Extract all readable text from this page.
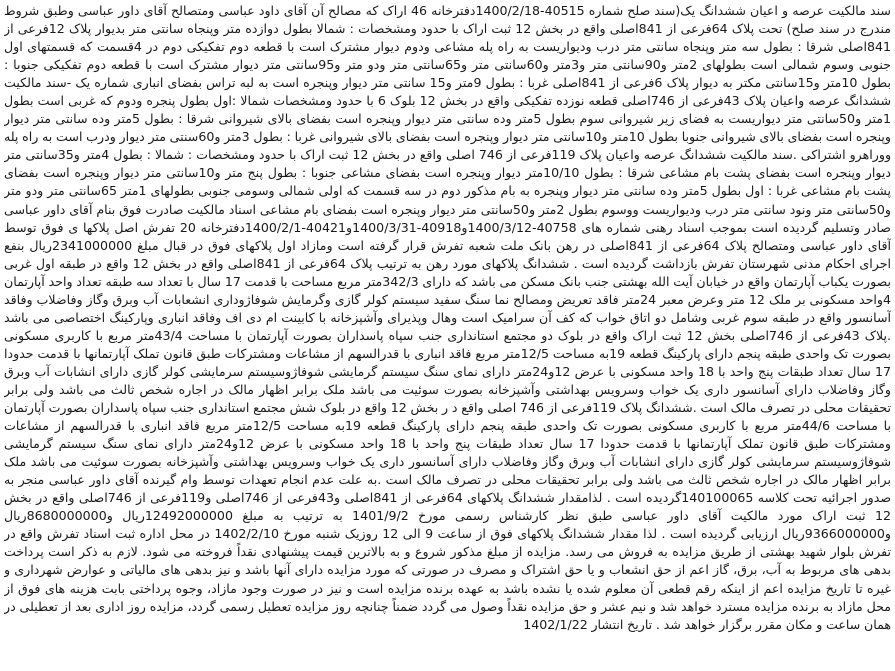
سند مالکیت عرصه و اعیان ششدانگ یک(سند صلح شماره 40515-1400/2/18دفترخانه 46 اراک که مصالح آن آقای داود عباسی ومتصالح آقای داور عباسی وطبق شروط مندرج در سند صلح) تحت پلاک 64فرعی از 841اصلی واقع در بخش 12 ثبت اراک با حدود ومشخصات : شمالا بطول دوازده متر وپنجاه سانتی متر بدیوار پلاک 12فرعی از 841اصلی شرقا : بطول سه متر وپنجاه سانتی متر درب ودیواریست به راه پله مشاعی ودوم دیوار مشترک است با قطعه دوم تفکیکی دوم در 4قسمت که قسمتهای اول جنوبی وسوم شمالی است بطولهای 2متر و90سانتی متر و3متر و60سانتی متر و65سانتی متر ودو متر و95سانتی متر دیوار مشترک است با قطعه دوم تفکیکی جنوبا : بطول 10متر و15سانتی مکتر به دیوار پلاک 6فرعی از 841اصلی غربا : بطول 9متر و15 سانتی متر دیوار وپنجره است به لبه تراس بفضای انباری شماره یک -سند مالکیت ششدانگ عرصه واعیان پلاک 43فرعی از 746اصلی قطعه نوزده تفکیکی واقع در بخش 12 بلوک 6 با حدود ومشخصات شمالا :اول بطول پنجره ودوم که غربی است بطول 1متر و50سانتی متر دیواریست به فضای زیر شیروانی سوم بطول 5متر وده سانتی متر دیوار وپنجره است بفضای بالای شیروانی شرقا : بطول 5متر وده سانتی متر دیوار وپنجره است بفضای بالای شیروانی جنوبا بطول 10متر و10سانتی متر دیوار وپنجره است بفضای بالای شیروانی غربا : بطول 3متر و60سنتی متر دیوار ودرب است به راه پله ووراهرو اشتراکی .سند مالکیت ششدانگ عرصه واعیان پلاک 119فرعی از 746 اصلی واقع در بخش 12 ثبت اراک با حدود ومشخصات : شمالا : بطول 4متر و35سانتی متر دیوار وپنجره است بفضای پشت بام مشاعی شرقا : بطول 10/10متر دیوار وپنجره است بفضای مشاعی جنوبا : بطول پنج متر و10سانتی متر دیوار وپنجره است بفضای پشت بام مشاعی غربا : اول بطول 5متر وده سانتی متر دیوار وپنجره به بام مذکور دوم در سه قسمت که اولی شمالی وسومی جنوبی بطولهای 1متر 65سانتی متر ودو متر و50سانتی متر ونود سانتی متر درب ودیواریست ووسوم بطول 2متر و50سانتی متر دیوار وپنجره است بفضای بام مشاعی اسناد مالکیت صادرت فوق بنام آقای داور عباسی صادر وتسلیم گردیده است بموجب اسناد رهنی شماره های 40758-1400/3/12و40918-1400/3/31و40421-1400/2/1دفترخانه 20 تفرش اصل پلاکها ی فوق توسط آقای داور عباسی ومتصالح پلاک 64فرعی از 841اصلی در رهن بانک ملت شعبه تفرش قرار گرفته است ومازاد اول پلاکهای فوق در قبال مبلغ 2341000000ریال بنفع اجرای احکام مدنی شهرستان تفرش بازداشت گردیده است . ششدانگ پلاکهای مورد رهن به ترتیب پلاک 64فرعی از 841اصلی واقع در بخش 12 واقع در طبقه اول غربی بصورت یکباب آپارتمان واقع در خیابان آیت الله بهشتی جنب بانک مسکن می باشد که دارای 342/3متر مربع مساحت با قدمت 17 سال با تعداد سه طبقه تعداد واحد آپارتمان 4واحد مسکونی بر ملک 12 متر وعرض معبر 24متر فاقد تعریض ومصالح نما سنگ سفید سیستم کولر گازی وگرمایش شوفاژوداری انشعابات آب وبرق وگاز وفاضلاب وفاقد آسانسور واقع در طبقه سوم غربی وشامل دو اتاق خواب که کف آن سرامیک است وهال وپذیرای وآشپزخانه با کابینت ام دی اف وفاقد انباری وپارکینگ اختصاصی می باشد .پلاک 43فرعی از 746اصلی بخش 12 ثبت اراک واقع در بلوک دو مجتمع استانداری جنب سپاه پاسداران بصورت آپارتمان با مساحت 43/4متر مربع با کاربری مسکونی بصورت تک واحدی طبقه پنجم دارای پارکینگ قطعه 19به مساحت 12/5متر مربع فاقد انباری با قدرالسهم از مشاعات ومشترکات طبق قانون تملک آپارتمانها با قدمت حدودا 17 سال تعداد طبقات پنج واحد با 18 واحد مسکونی با عرض 12و24متر دارای نمای سنگ سیستم گرمایشی شوفاژوسیستم سرمایشی کولر گازی دارای انشابات آب وبرق وگاز وفاضلاب دارای آسانسور داری یک خواب وسرویس بهداشتی وآشپزخانه بصورت سوئیت می باشد ملک برابر اظهار مالک در اجاره شخص ثالث می باشد ولی برابر تحقیقات محلی در تصرف مالک است .ششدانگ پلاک 119فرعی از 746 اصلی واقع د ر بخش 12 واقع در بلوک شش مجتمع استانداری جنب سپاه پاسداران بصورت آپارتمان با مساحت 44/6متر مربع با کاربری مسکونی بصورت تک واحدی طبقه پنجم دارای پارکینگ قطعه 19به مساحت 12/5متر مربع فاقد انباری با قدرالسهم از مشاعات ومشترکات طبق قانون تملک آپارتمانها با قدمت حدودا 17 سال تعداد طبقات پنج واحد با 18 واحد مسکونی با عرض 12و24متر دارای نمای سنگ سیستم گرمایشی شوفاژوسیستم سرمایشی کولر گازی دارای انشابات آب وبرق وگاز وفاضلاب دارای آسانسور داری یک خواب وسرویس بهداشتی وآشپزخانه بصورت سوئیت می باشد ملک برابر اظهار مالک در اجاره شخص ثالث می باشد ولی برابر تحقیقات محلی در تصرف مالک است .به علت عدم انجام تعهدات توسط وام گیرنده آقای داور عباسی منجر به صدور اجرائیه تحت کلاسه 140100065گردیده است . لذامقدار ششدانگ پلاکهای 64فرعی از 841اصلی و43فرعی از 746اصلی و119فرعی از 746اصلی واقع در بخش 12 ثبت اراک مورد مالکیت آقای داور عباسی طبق نظر کارشناس رسمی مورخ 1401/9/2 به ترتیب به مبلغ 12492000000ریال و8680000000ریال و9366000000ریال ارزیابی گردیده است . لذا مقدار ششدانگ پلاکهای فوق از ساعت 9 الی 12 روزیک شنبه مورخ 1402/2/10 در محل اداره ثبت اسناد تفرش واقع در تفرش بلوار شهید بهشتی از طریق مزایده به فروش می رسد. مزایده از مبلغ مذکور شروع و به بالاترین قیمت پیشنهادی نقداً فروخته می شود. لازم به ذکر است پرداخت بدهی های مربوط به آب، برق، گاز اعم از حق انشعاب و یا حق اشتراک و مصرف در صورتی که مورد مزایده دارای آنها باشد و نیز بدهی های مالیاتی و عوارض شهرداری و غیره تا تاریخ مزایده اعم از اینکه رقم قطعی آن معلوم شده یا نشده باشد به عهده برنده مزایده است و نیز در صورت وجود مازاد، وجوه پرداختی بابت هزینه های فوق از محل مازاد به برنده مزایده مسترد خواهد شد و نیم عشر و حق مزایده نقداً وصول می گردد ضمناً چنانچه روز مزایده تعطیل رسمی گردد، مزایده روز اداری بعد از تعطیلی در همان ساعت و مکان مقرر برگزار خواهد شد . تاریخ انتشار 1402/1/22
